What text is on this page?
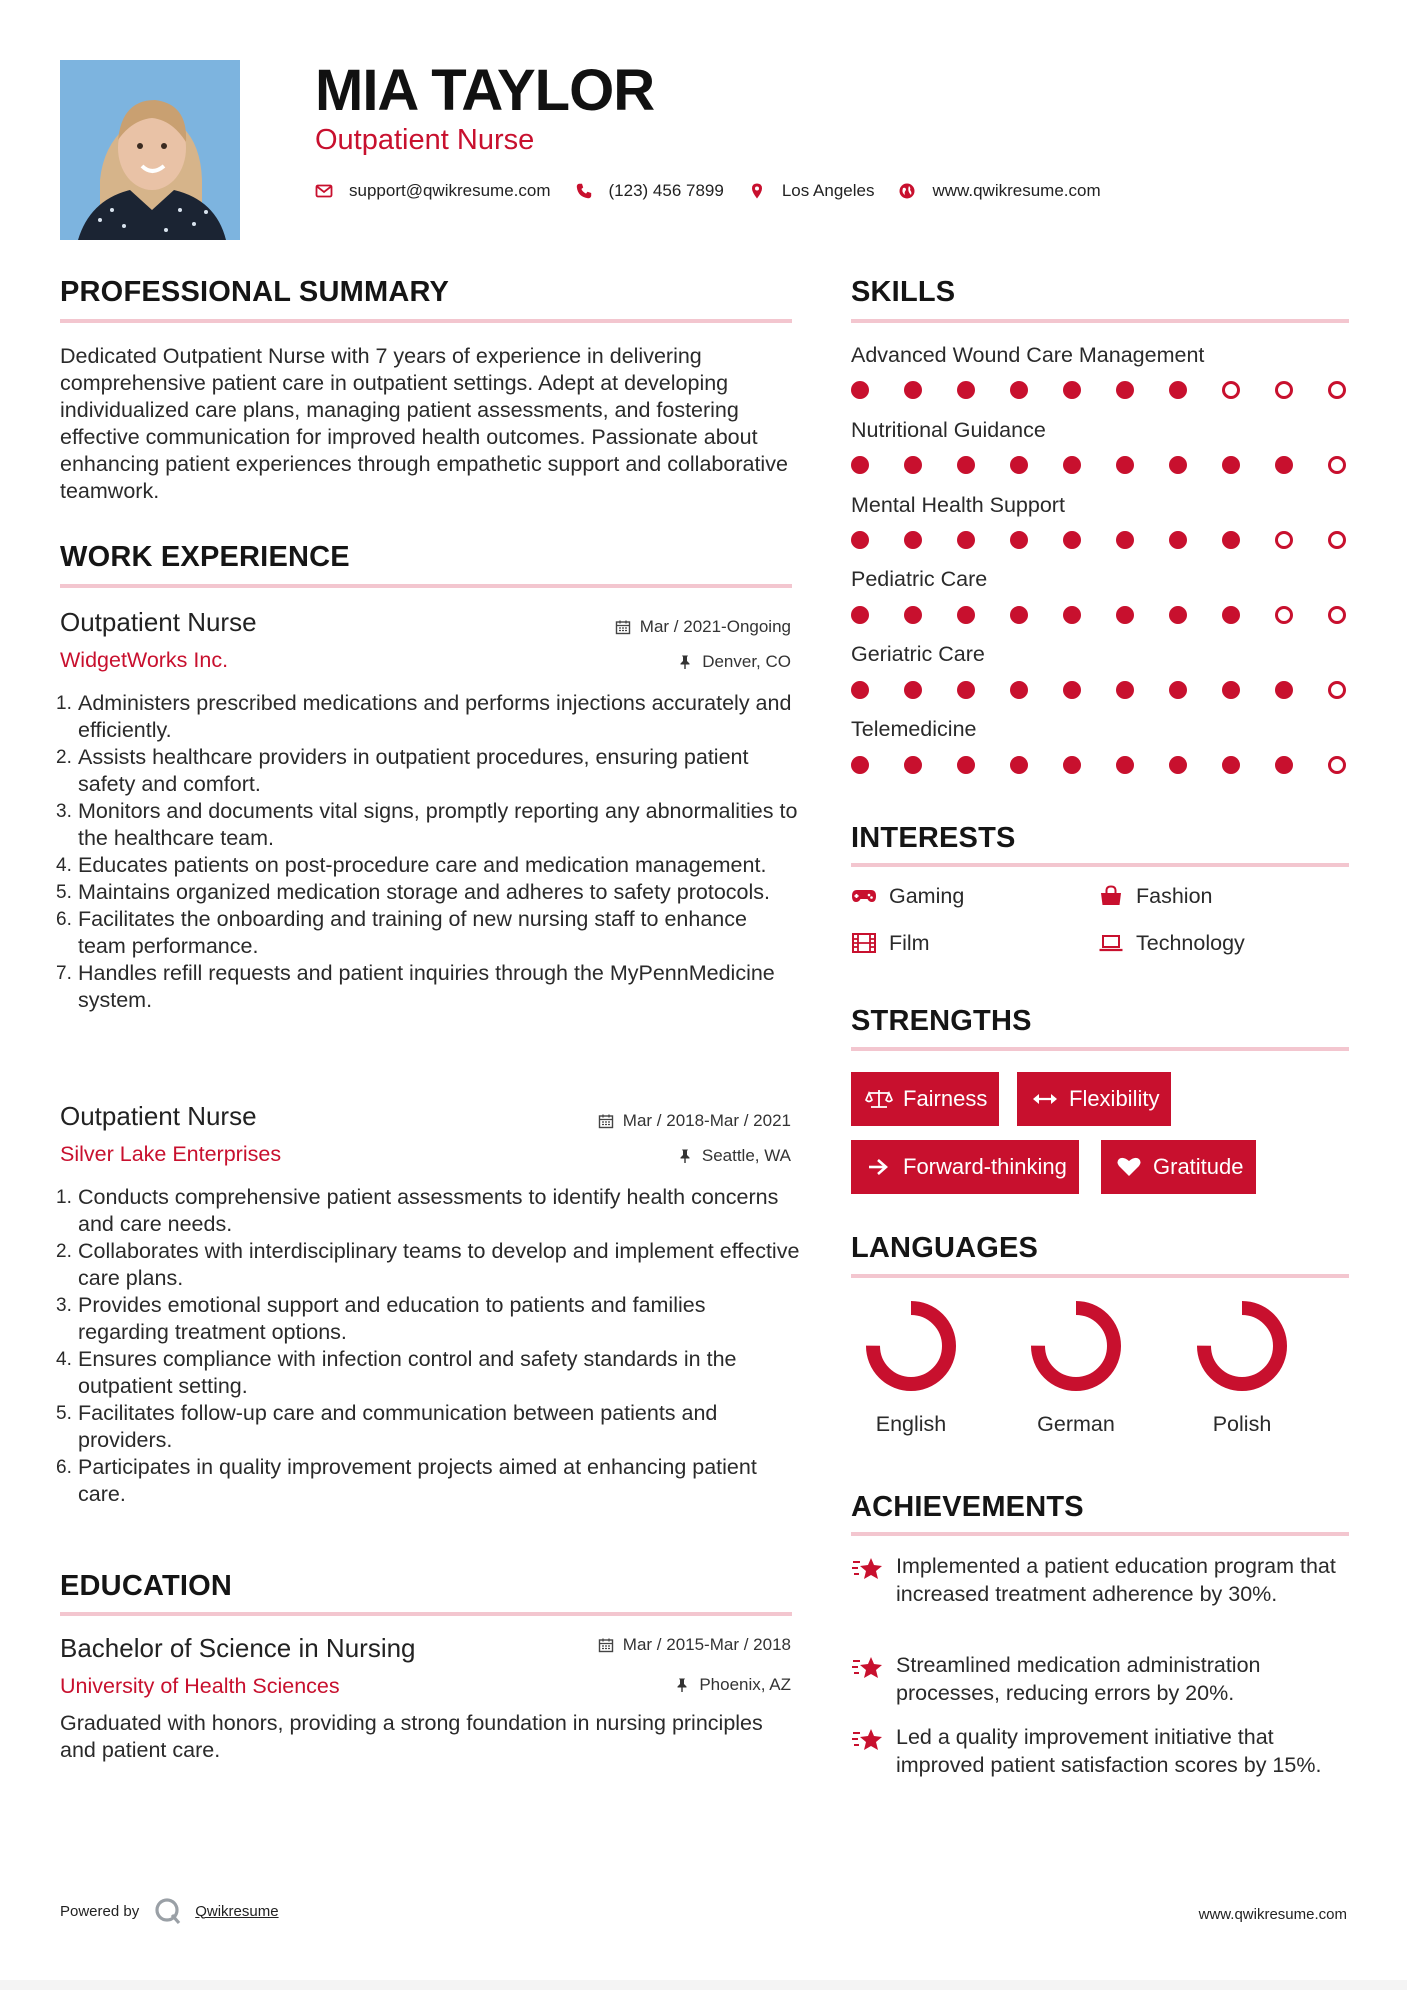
MIA TAYLOR
Outpatient Nurse
support@qwikresume.com	(123) 456 7899	Los Angeles	www.qwikresume.com
PROFESSIONAL SUMMARY
Dedicated Outpatient Nurse with 7 years of experience in delivering comprehensive patient care in outpatient settings. Adept at developing individualized care plans, managing patient assessments, and fostering effective communication for improved health outcomes. Passionate about enhancing patient experiences through empathetic support and collaborative teamwork.
WORK EXPERIENCE
Outpatient Nurse	Mar / 2021-Ongoing
WidgetWorks Inc.	Denver, CO
Administers prescribed medications and performs injections accurately and efficiently.
Assists healthcare providers in outpatient procedures, ensuring patient safety and comfort.
Monitors and documents vital signs, promptly reporting any abnormalities to the healthcare team.
Educates patients on post-procedure care and medication management.
Maintains organized medication storage and adheres to safety protocols.
Facilitates the onboarding and training of new nursing staff to enhance team performance.
Handles refill requests and patient inquiries through the MyPennMedicine system.
Outpatient Nurse	Mar / 2018-Mar / 2021
Silver Lake Enterprises	Seattle, WA
Conducts comprehensive patient assessments to identify health concerns and care needs.
Collaborates with interdisciplinary teams to develop and implement effective care plans.
Provides emotional support and education to patients and families regarding treatment options.
Ensures compliance with infection control and safety standards in the outpatient setting.
Facilitates follow-up care and communication between patients and providers.
Participates in quality improvement projects aimed at enhancing patient care.
EDUCATION
Bachelor of Science in Nursing	Mar / 2015-Mar / 2018
University of Health Sciences	Phoenix, AZ
Graduated with honors, providing a strong foundation in nursing principles and patient care.
SKILLS
Advanced Wound Care Management
Nutritional Guidance
Mental Health Support
Pediatric Care
Geriatric Care
Telemedicine
INTERESTS
Gaming	Fashion
Film	Technology
STRENGTHS
Fairness	Flexibility
Forward-thinking	Gratitude
LANGUAGES
English	German	Polish
ACHIEVEMENTS
Implemented a patient education program that increased treatment adherence by 30%.
Streamlined medication administration processes, reducing errors by 20%.
Led a quality improvement initiative that improved patient satisfaction scores by 15%.
Powered by	Qwikresume	www.qwikresume.com
